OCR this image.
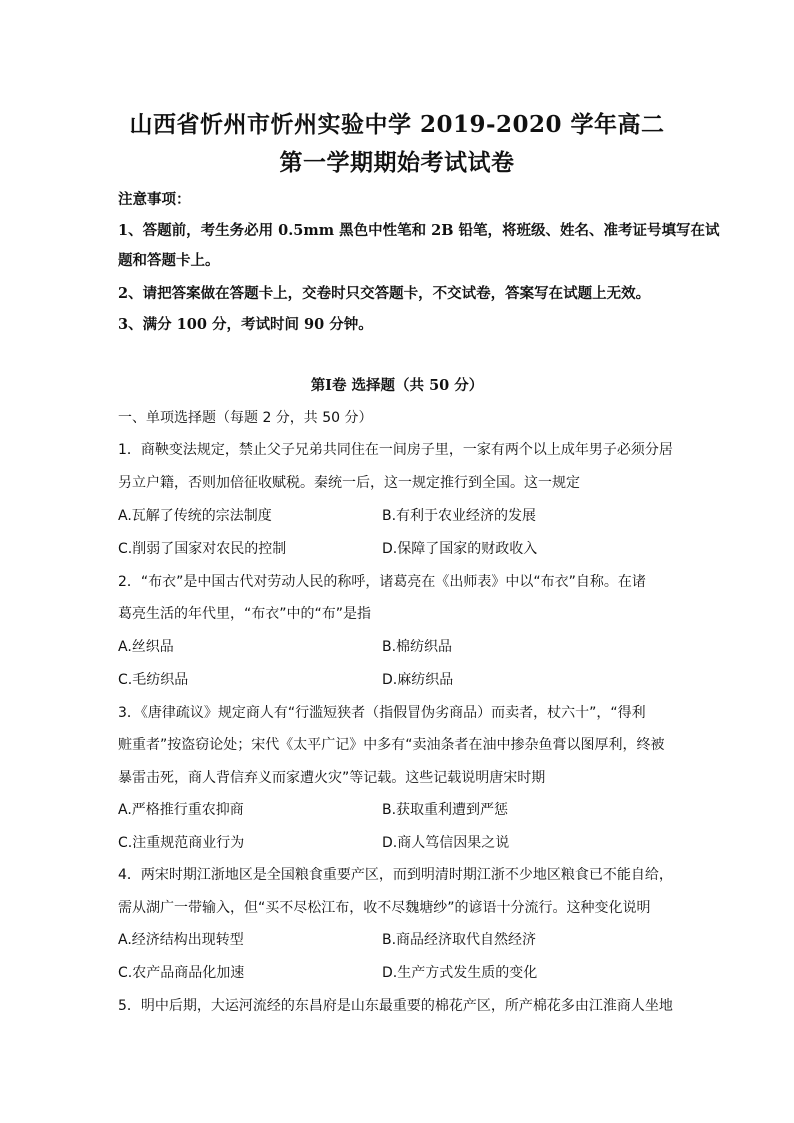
山西省忻州市忻州实验中学 2019-2020 学年高二
第一学期期始考试试卷
注意事项：
1、答题前，考生务必用 0.5mm 黑色中性笔和 2B 铅笔，将班级、姓名、准考证号填写在试
题和答题卡上。
2、请把答案做在答题卡上，交卷时只交答题卡，不交试卷，答案写在试题上无效。
3、满分 100 分，考试时间 90 分钟。
第Ⅰ卷 选择题（共 50 分）
一、单项选择题（每题 2 分，共 50 分）
1．商鞅变法规定，禁止父子兄弟共同住在一间房子里，一家有两个以上成年男子必须分居
另立户籍，否则加倍征收赋税。秦统一后，这一规定推行到全国。这一规定
A.瓦解了传统的宗法制度	B.有利于农业经济的发展
C.削弱了国家对农民的控制	D.保障了国家的财政收入
2．“布衣”是中国古代对劳动人民的称呼，诸葛亮在《出师表》中以“布衣”自称。在诸
葛亮生活的年代里，“布衣”中的“布”是指
A.丝织品	B.棉纺织品
C.毛纺织品	D.麻纺织品
3．《唐律疏议》规定商人有“行滥短狭者（指假冒伪劣商品）而卖者，杖六十”，“得利
赃重者”按盗窃论处；宋代《太平广记》中多有“卖油条者在油中掺杂鱼膏以图厚利，终被
暴雷击死，商人背信弃义而家遭火灾”等记载。这些记载说明唐宋时期
A.严格推行重农抑商	B.获取重利遭到严惩
C.注重规范商业行为	D.商人笃信因果之说
4．两宋时期江浙地区是全国粮食重要产区，而到明清时期江浙不少地区粮食已不能自给，
需从湖广一带输入，但“买不尽松江布，收不尽魏塘纱”的谚语十分流行。这种变化说明
A.经济结构出现转型	B.商品经济取代自然经济
C.农产品商品化加速	D.生产方式发生质的变化
5．明中后期，大运河流经的东昌府是山东最重要的棉花产区，所产棉花多由江淮商人坐地
